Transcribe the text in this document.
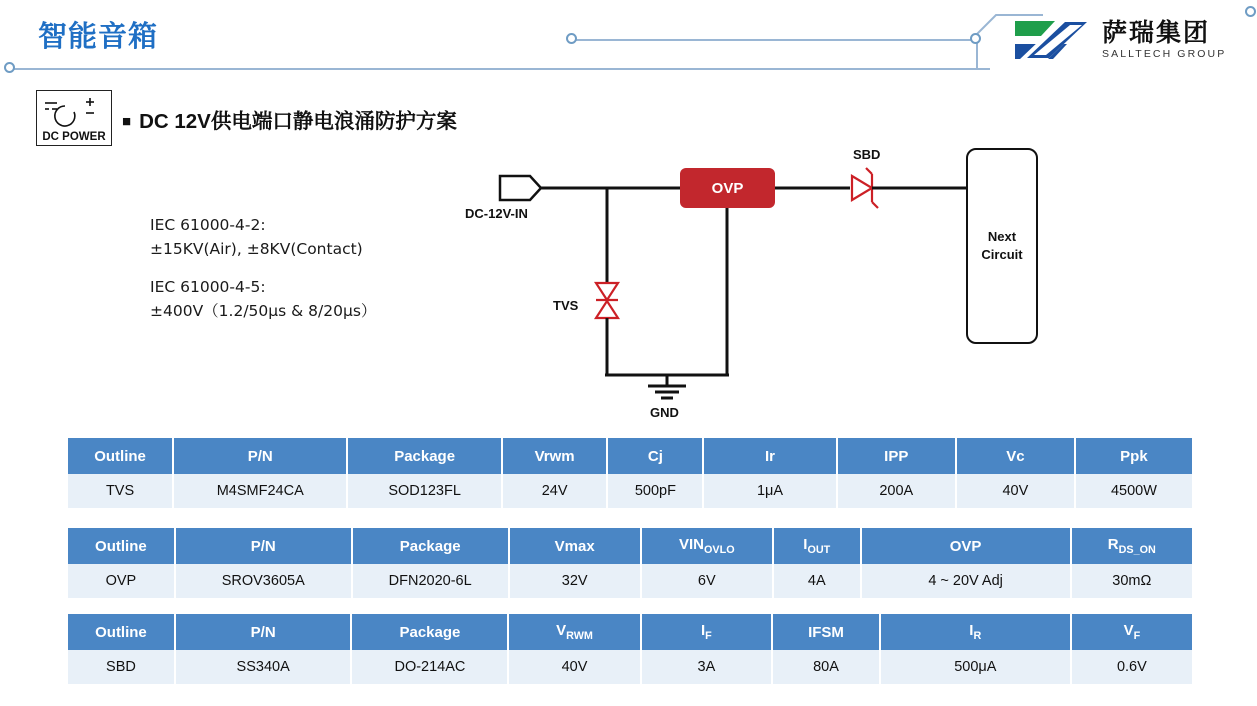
智能音箱	萨瑞集团
SALLTECH GROUP
DC POWER
■ DC 12V供电端口静电浪涌防护方案
IEC 61000-4-2:
±15KV(Air), ±8KV(Contact)
IEC 61000-4-5:
±400V（1.2/50μs & 8/20μs）
OVP
Next
Circuit
DC-12V-IN
SBD
TVS
GND
Outline	P/N	Package	Vrwm	Cj	Ir	IPP	Vc	Ppk
TVS	M4SMF24CA	SOD123FL	24V	500pF	1μA	200A	40V	4500W
Outline	P/N	Package	Vmax	$VIN_{OVLO}$	$I_{OUT}$	OVP	$R_{DS\_ON}$
OVP	SROV3605A	DFN2020-6L	32V	6V	4A	4 ~ 20V Adj	30mΩ
Outline	P/N	Package	$V_{RWM}$	$I_F$	IFSM	$I_R$	$V_F$
SBD	SS340A	DO-214AC	40V	3A	80A	500μA	0.6V
